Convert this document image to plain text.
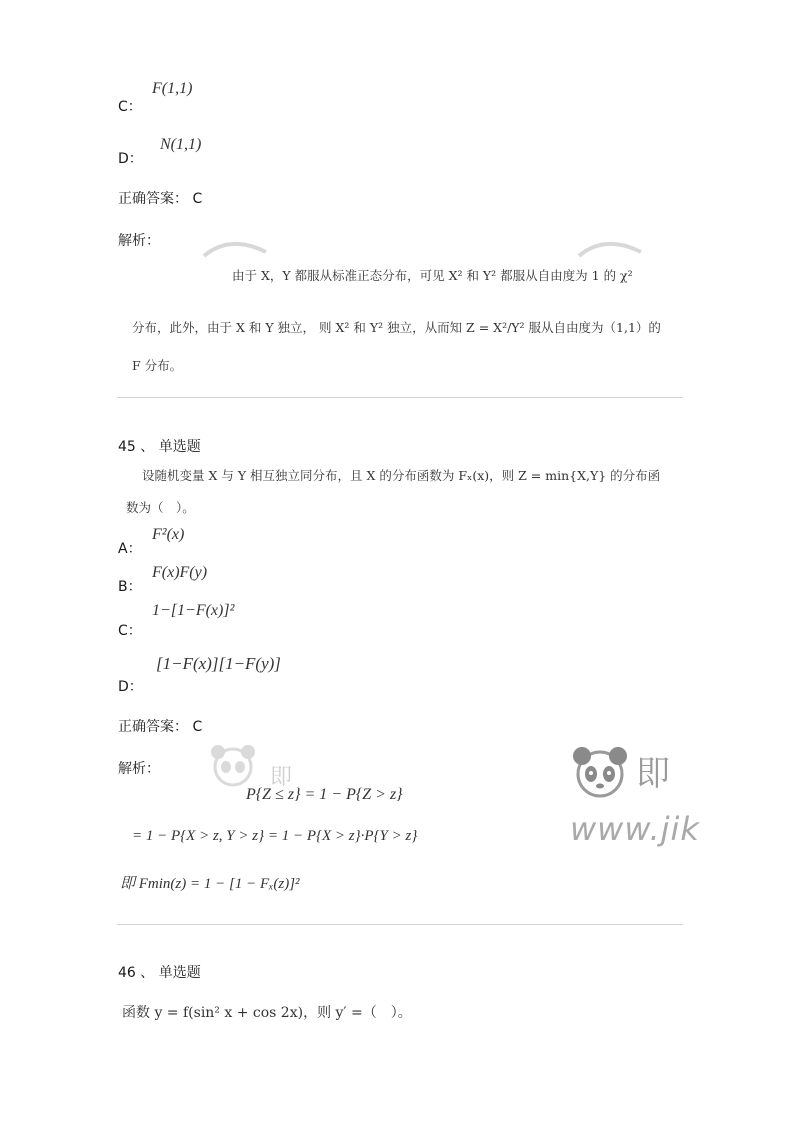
F(1,1)
C：
N(1,1)
D：
正确答案： C
解析：
由于 X，Y 都服从标准正态分布，可见 X² 和 Y² 都服从自由度为 1 的 χ²
分布，此外，由于 X 和 Y 独立， 则 X² 和 Y² 独立，从而知 Z = X²/Y² 服从自由度为（1,1）的
F 分布。
45 、 单选题
设随机变量 X 与 Y 相互独立同分布，且 X 的分布函数为 Fₓ(x)，则 Z = min{X,Y} 的分布函
数为（　）。
F²(x)
A：
F(x)F(y)
B：
1−[1−F(x)]²
C：
[1−F(x)][1−F(y)]
D：
正确答案： C
解析：	即	即
www.jik
P{Z ≤ z} = 1 − P{Z > z}
= 1 − P{X > z, Y > z} = 1 − P{X > z}·P{Y > z}
即 Fmin(z) = 1 − [1 − Fₓ(z)]²
46 、 单选题
函数 y = f(sin² x + cos 2x)，则 y′ =（　）。
